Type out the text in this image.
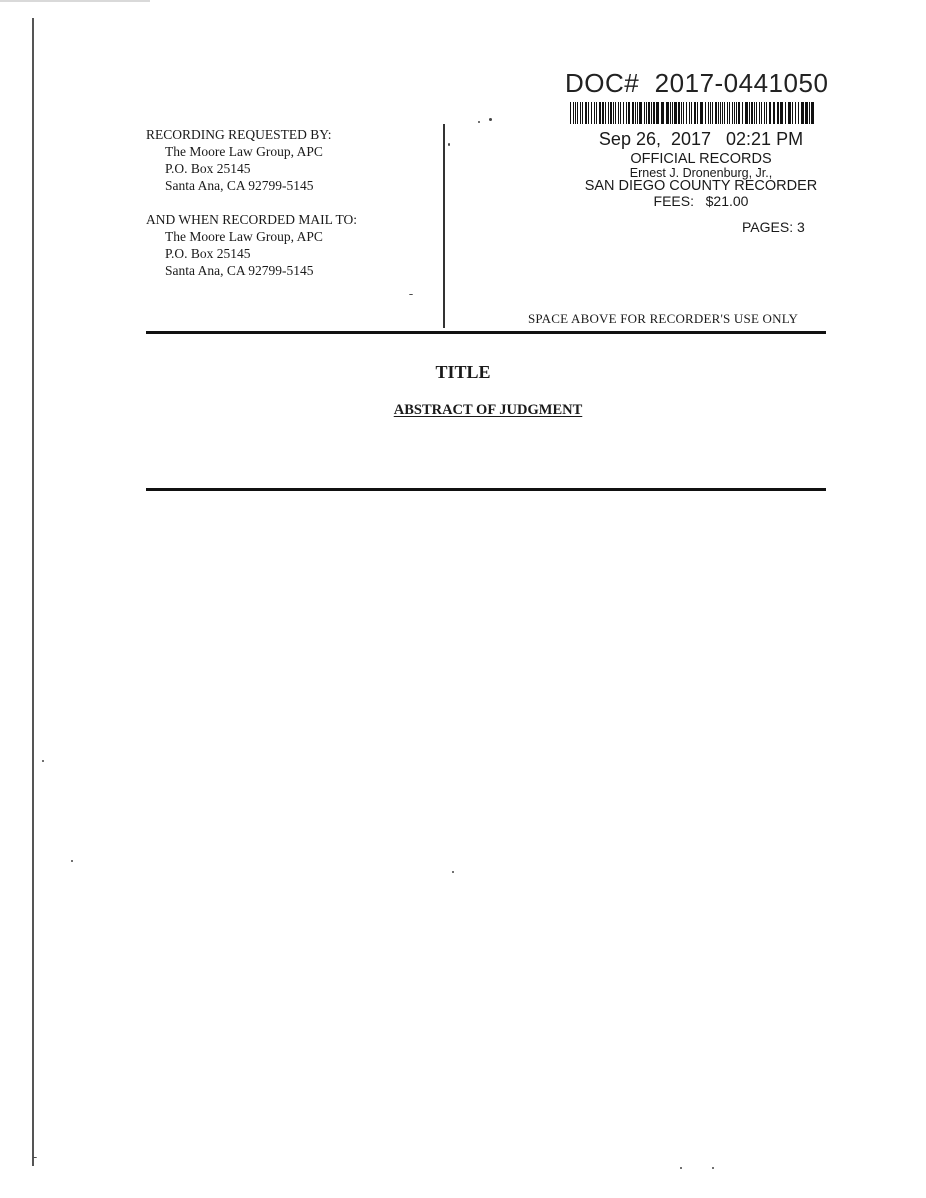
RECORDING REQUESTED BY:
The Moore Law Group, APC
P.O. Box 25145
Santa Ana, CA 92799-5145
AND WHEN RECORDED MAIL TO:
The Moore Law Group, APC
P.O. Box 25145
Santa Ana, CA 92799-5145
DOC#  2017-0441050
Sep 26,  2017   02:21 PM
OFFICIAL RECORDS
Ernest J. Dronenburg, Jr.,
SAN DIEGO COUNTY RECORDER
FEES:   $21.00
PAGES: 3
SPACE ABOVE FOR RECORDER'S USE ONLY
TITLE
ABSTRACT OF JUDGMENT
